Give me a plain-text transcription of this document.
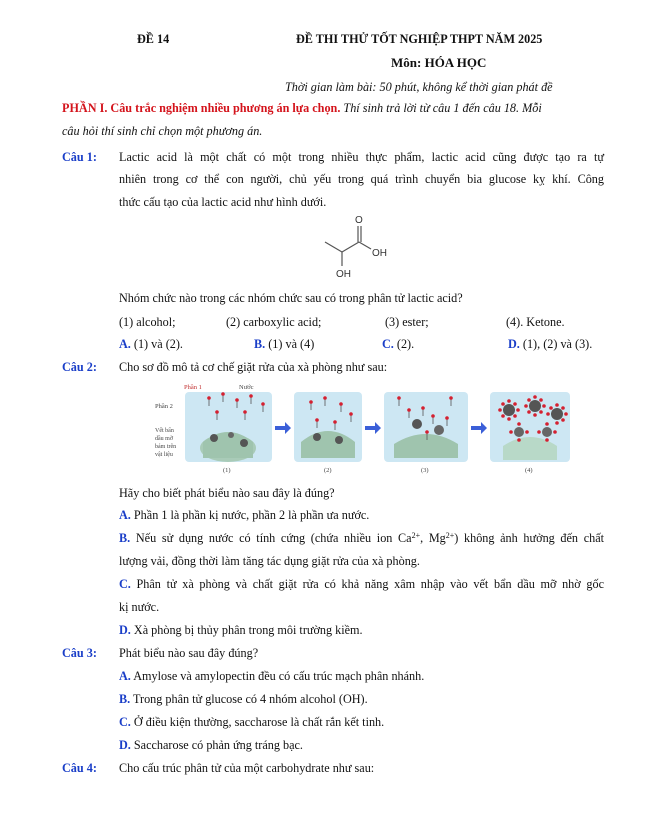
ĐỀ 14	ĐỀ THI THỬ TỐT NGHIỆP THPT NĂM 2025
Môn: HÓA HỌC
Thời gian làm bài: 50 phút, không kể thời gian phát đề
PHẦN I. Câu trắc nghiệm nhiều phương án lựa chọn. Thí sinh trả lời từ câu 1 đến câu 18. Mỗi
câu hỏi thí sinh chỉ chọn một phương án.
Câu 1: Lactic acid là một chất có một trong nhiều thực phẩm, lactic acid cũng được tạo ra tự
nhiên trong cơ thể con người, chủ yếu trong quá trình chuyển bia glucose kỵ khí. Công
thức cấu tạo của lactic acid như hình dưới.
O
OH
OH
Nhóm chức nào trong các nhóm chức sau có trong phân tử lactic acid?
(1) alcohol;	(2) carboxylic acid;	(3) ester;	(4). Ketone.
A. (1) và (2).	B. (1) và (4)	C. (2).	D. (1), (2) và (3).
Câu 2: Cho sơ đồ mô tả cơ chế giặt rửa của xà phòng như sau:
Phần 1	Nước
Phần 2
Vết bẩn
dầu mỡ
bám trên
vật liệu
(1)	(2)	(3)	(4)
Hãy cho biết phát biểu nào sau đây là đúng?
A. Phần 1 là phần kị nước, phần 2 là phần ưa nước.
B. Nếu sử dụng nước có tính cứng (chứa nhiều ion $Ca^{2+}$, $Mg^{2+}$) không ảnh hưởng đến chất
lượng vải, đồng thời làm tăng tác dụng giặt rửa của xà phòng.
C. Phân tử xà phòng và chất giặt rửa có khả năng xâm nhập vào vết bẩn dầu mỡ nhờ gốc
kị nước.
D. Xà phòng bị thủy phân trong môi trường kiềm.
Câu 3: Phát biểu nào sau đây đúng?
A. Amylose và amylopectin đều có cấu trúc mạch phân nhánh.
B. Trong phân tử glucose có 4 nhóm alcohol (OH).
C. Ở điều kiện thường, saccharose là chất rắn kết tinh.
D. Saccharose có phản ứng tráng bạc.
Câu 4: Cho cấu trúc phân tử của một carbohydrate như sau:
